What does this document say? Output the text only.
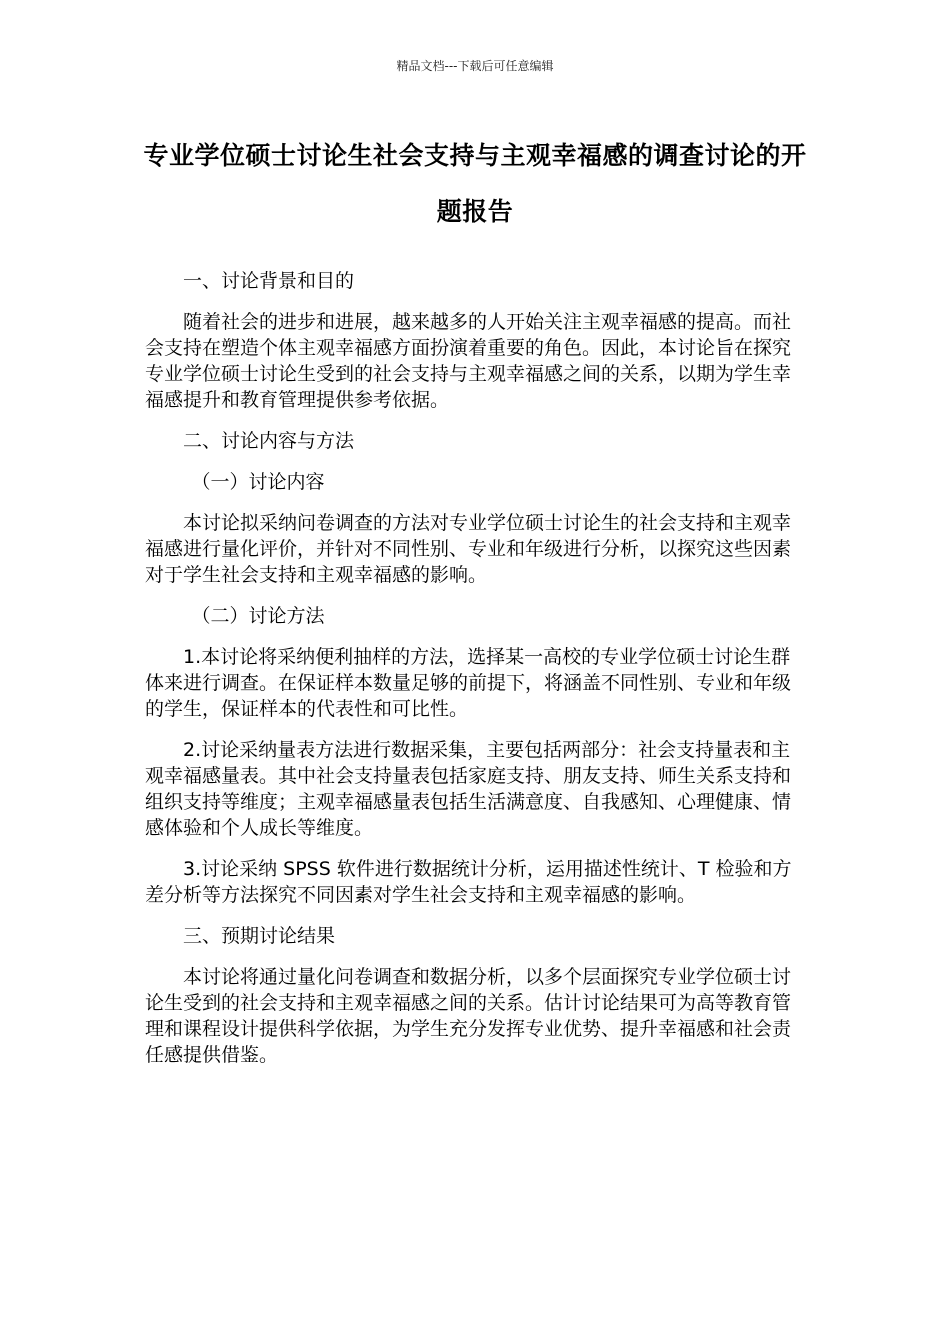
精品文档---下载后可任意编辑
专业学位硕士讨论生社会支持与主观幸福感的调查讨论的开题报告

一、讨论背景和目的

随着社会的进步和进展，越来越多的人开始关注主观幸福感的提高。而社会支持在塑造个体主观幸福感方面扮演着重要的角色。因此，本讨论旨在探究专业学位硕士讨论生受到的社会支持与主观幸福感之间的关系，以期为学生幸福感提升和教育管理提供参考依据。

二、讨论内容与方法

（一）讨论内容

本讨论拟采纳问卷调查的方法对专业学位硕士讨论生的社会支持和主观幸福感进行量化评价，并针对不同性别、专业和年级进行分析，以探究这些因素对于学生社会支持和主观幸福感的影响。

（二）讨论方法

1.本讨论将采纳便利抽样的方法，选择某一高校的专业学位硕士讨论生群体来进行调查。在保证样本数量足够的前提下，将涵盖不同性别、专业和年级的学生，保证样本的代表性和可比性。

2.讨论采纳量表方法进行数据采集，主要包括两部分：社会支持量表和主观幸福感量表。其中社会支持量表包括家庭支持、朋友支持、师生关系支持和组织支持等维度；主观幸福感量表包括生活满意度、自我感知、心理健康、情感体验和个人成长等维度。

3.讨论采纳 SPSS 软件进行数据统计分析，运用描述性统计、T 检验和方差分析等方法探究不同因素对学生社会支持和主观幸福感的影响。

三、预期讨论结果

本讨论将通过量化问卷调查和数据分析，以多个层面探究专业学位硕士讨论生受到的社会支持和主观幸福感之间的关系。估计讨论结果可为高等教育管理和课程设计提供科学依据，为学生充分发挥专业优势、提升幸福感和社会责任感提供借鉴。
